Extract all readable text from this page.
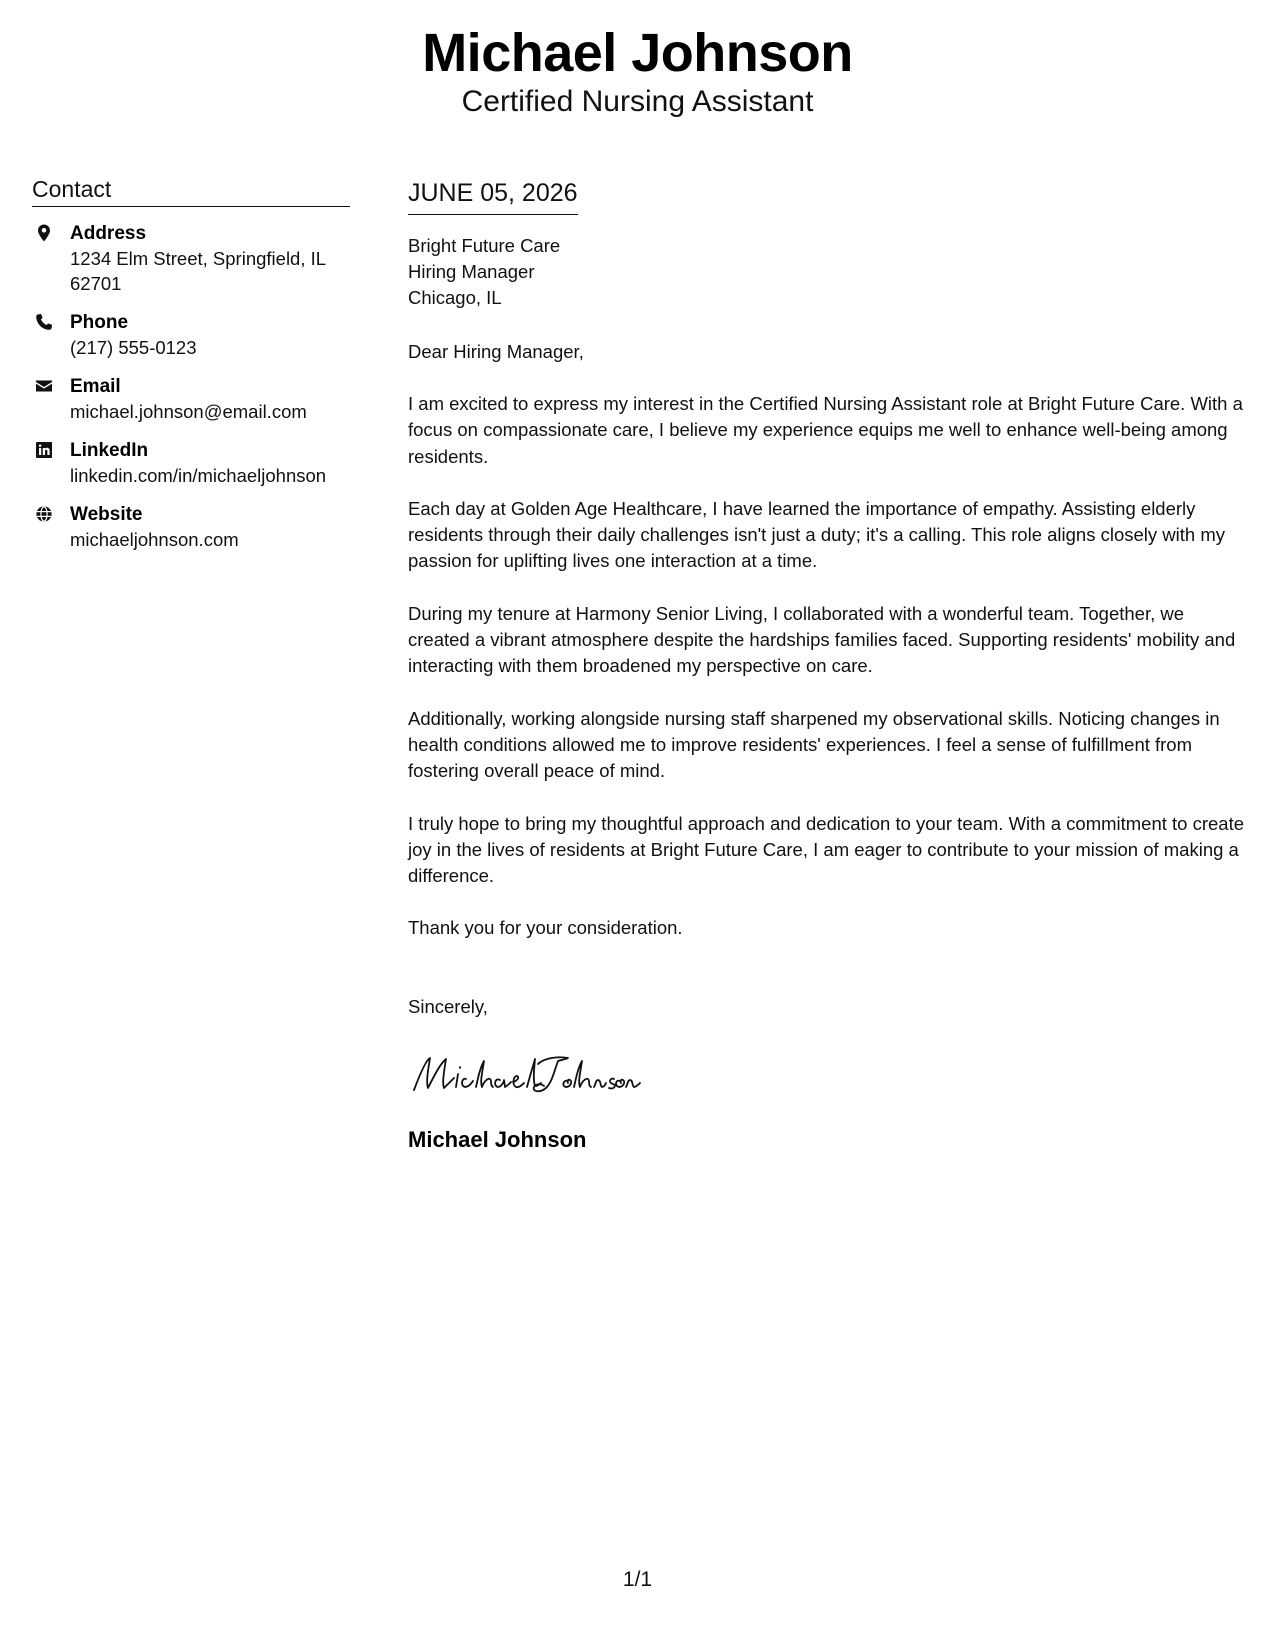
Michael Johnson
Certified Nursing Assistant
Contact
Address
1234 Elm Street, Springfield, IL 62701
Phone
(217) 555-0123
Email
michael.johnson@email.com
LinkedIn
linkedin.com/in/michaeljohnson
Website
michaeljohnson.com
JUNE 05, 2026
Bright Future Care
Hiring Manager
Chicago, IL
Dear Hiring Manager,
I am excited to express my interest in the Certified Nursing Assistant role at Bright Future Care. With a focus on compassionate care, I believe my experience equips me well to enhance well-being among residents.
Each day at Golden Age Healthcare, I have learned the importance of empathy. Assisting elderly residents through their daily challenges isn't just a duty; it's a calling. This role aligns closely with my passion for uplifting lives one interaction at a time.
During my tenure at Harmony Senior Living, I collaborated with a wonderful team. Together, we created a vibrant atmosphere despite the hardships families faced. Supporting residents' mobility and interacting with them broadened my perspective on care.
Additionally, working alongside nursing staff sharpened my observational skills. Noticing changes in health conditions allowed me to improve residents' experiences. I feel a sense of fulfillment from fostering overall peace of mind.
I truly hope to bring my thoughtful approach and dedication to your team. With a commitment to create joy in the lives of residents at Bright Future Care, I am eager to contribute to your mission of making a difference.
Thank you for your consideration.
Sincerely,
Michael Johnson
1/1
